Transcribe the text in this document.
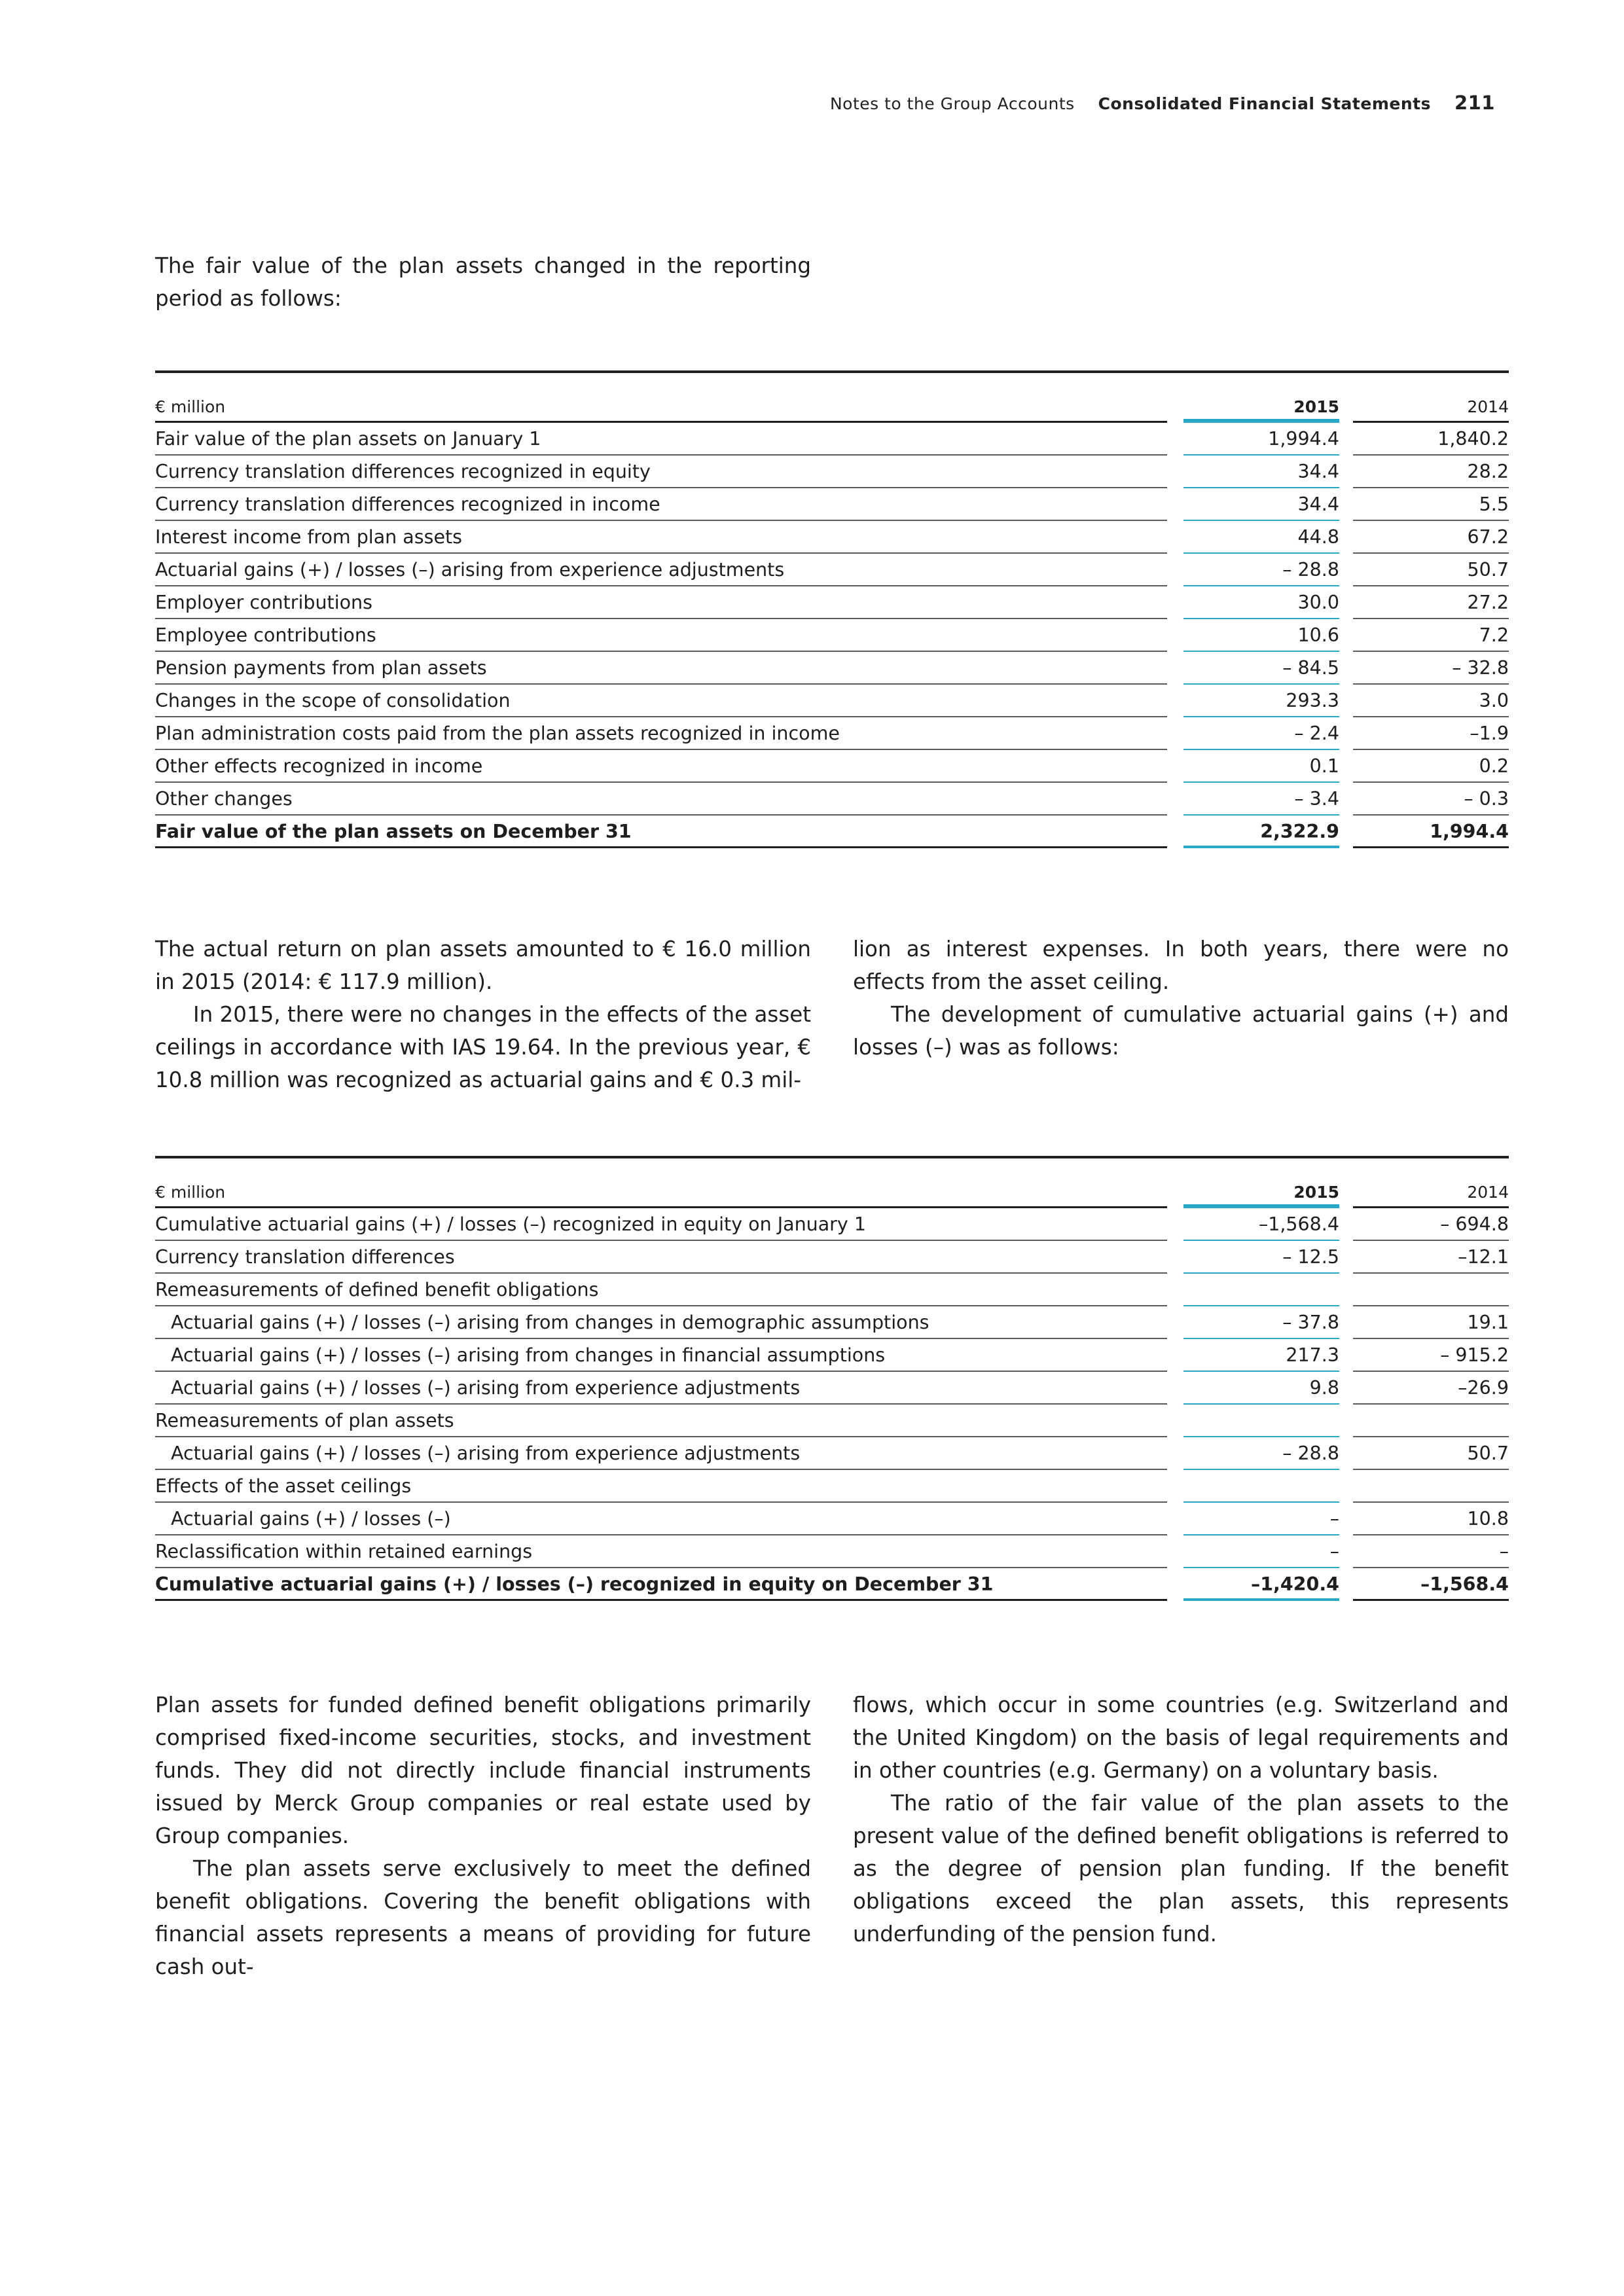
Notes to the Group Accounts Consolidated Financial Statements 211

The fair value of the plan assets changed in the reporting period as follows:

€ million	2015	2014
Fair value of the plan assets on January 1	1,994.4	1,840.2
Currency translation differences recognized in equity	34.4	28.2
Currency translation differences recognized in income	34.4	5.5
Interest income from plan assets	44.8	67.2
Actuarial gains (+) / losses (–) arising from experience adjustments	– 28.8	50.7
Employer contributions	30.0	27.2
Employee contributions	10.6	7.2
Pension payments from plan assets	– 84.5	– 32.8
Changes in the scope of consolidation	293.3	3.0
Plan administration costs paid from the plan assets recognized in income	– 2.4	–1.9
Other effects recognized in income	0.1	0.2
Other changes	– 3.4	– 0.3
Fair value of the plan assets on December 31	2,322.9	1,994.4

The actual return on plan assets amounted to € 16.0 million in 2015 (2014: € 117.9 million).

In 2015, there were no changes in the effects of the asset ceilings in accordance with IAS 19.64. In the previous year, € 10.8 million was recognized as actuarial gains and € 0.3 mil-

lion as interest expenses. In both years, there were no effects from the asset ceiling.

The development of cumulative actuarial gains (+) and losses (–) was as follows:

€ million	2015	2014
Cumulative actuarial gains (+) / losses (–) recognized in equity on January 1	–1,568.4	– 694.8
Currency translation differences	– 12.5	–12.1
Remeasurements of defined benefit obligations
Actuarial gains (+) / losses (–) arising from changes in demographic assumptions	– 37.8	19.1
Actuarial gains (+) / losses (–) arising from changes in financial assumptions	217.3	– 915.2
Actuarial gains (+) / losses (–) arising from experience adjustments	9.8	–26.9
Remeasurements of plan assets
Actuarial gains (+) / losses (–) arising from experience adjustments	– 28.8	50.7
Effects of the asset ceilings
Actuarial gains (+) / losses (–)	–	10.8
Reclassification within retained earnings	–	–
Cumulative actuarial gains (+) / losses (–) recognized in equity on December 31	–1,420.4	–1,568.4

Plan assets for funded defined benefit obligations primarily comprised fixed-income securities, stocks, and investment funds. They did not directly include financial instruments issued by Merck Group companies or real estate used by Group companies.

The plan assets serve exclusively to meet the defined benefit obligations. Covering the benefit obligations with financial assets represents a means of providing for future cash out-

flows, which occur in some countries (e.g. Switzerland and the United Kingdom) on the basis of legal requirements and in other countries (e.g. Germany) on a voluntary basis.

The ratio of the fair value of the plan assets to the present value of the defined benefit obligations is referred to as the degree of pension plan funding. If the benefit obligations exceed the plan assets, this represents underfunding of the pension fund.
